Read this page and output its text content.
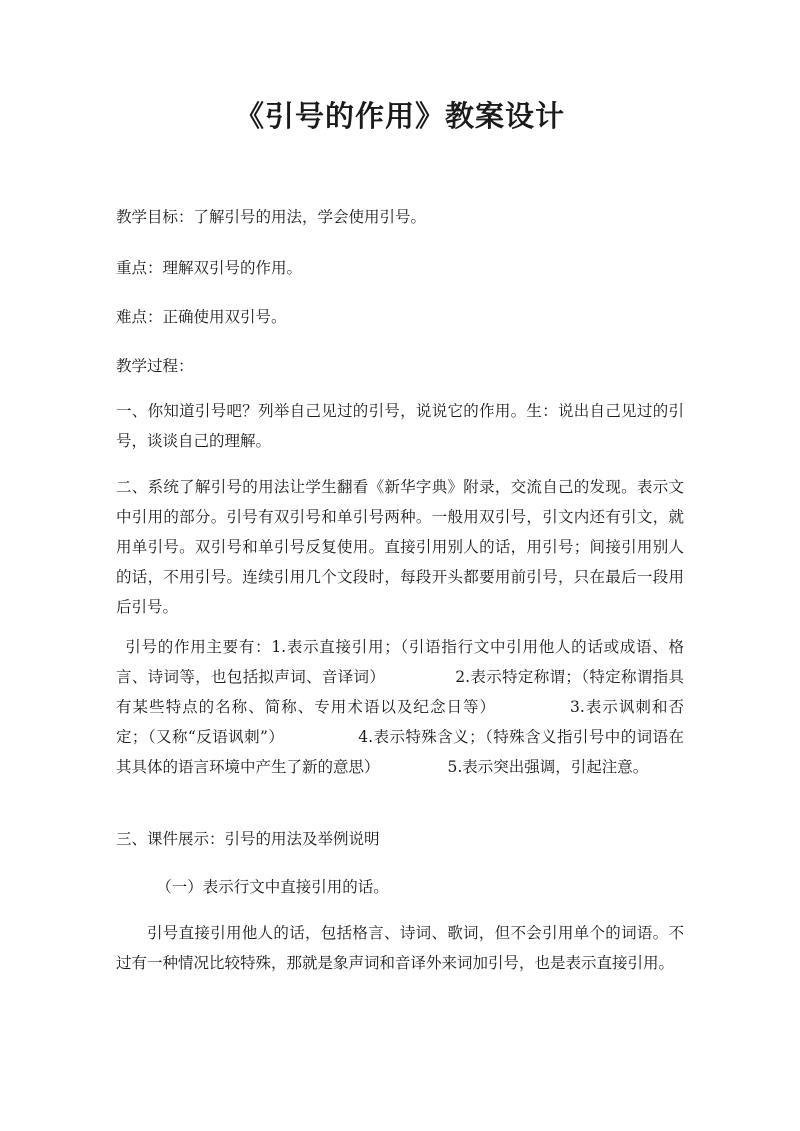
《引号的作用》教案设计
教学目标：了解引号的用法，学会使用引号。
重点：理解双引号的作用。
难点：正确使用双引号。
教学过程：
一、你知道引号吧？列举自己见过的引号，说说它的作用。生：说出自己见过的引号，谈谈自己的理解。
二、系统了解引号的用法让学生翻看《新华字典》附录，交流自己的发现。表示文中引用的部分。引号有双引号和单引号两种。一般用双引号，引文内还有引文，就用单引号。双引号和单引号反复使用。直接引用别人的话，用引号；间接引用别人的话，不用引号。连续引用几个文段时，每段开头都要用前引号，只在最后一段用后引号。
引号的作用主要有：1.表示直接引用；（引语指行文中引用他人的话或成语、格言、诗词等，也包括拟声词、音译词）	2.表示特定称谓；（特定称谓指具有某些特点的名称、简称、专用术语以及纪念日等）	3.表示讽刺和否定；（又称“反语讽刺”）	4.表示特殊含义；（特殊含义指引号中的词语在其具体的语言环境中产生了新的意思）	5.表示突出强调，引起注意。
三、课件展示：引号的用法及举例说明
（一）表示行文中直接引用的话。
引号直接引用他人的话，包括格言、诗词、歌词，但不会引用单个的词语。不过有一种情况比较特殊，那就是象声词和音译外来词加引号，也是表示直接引用。
